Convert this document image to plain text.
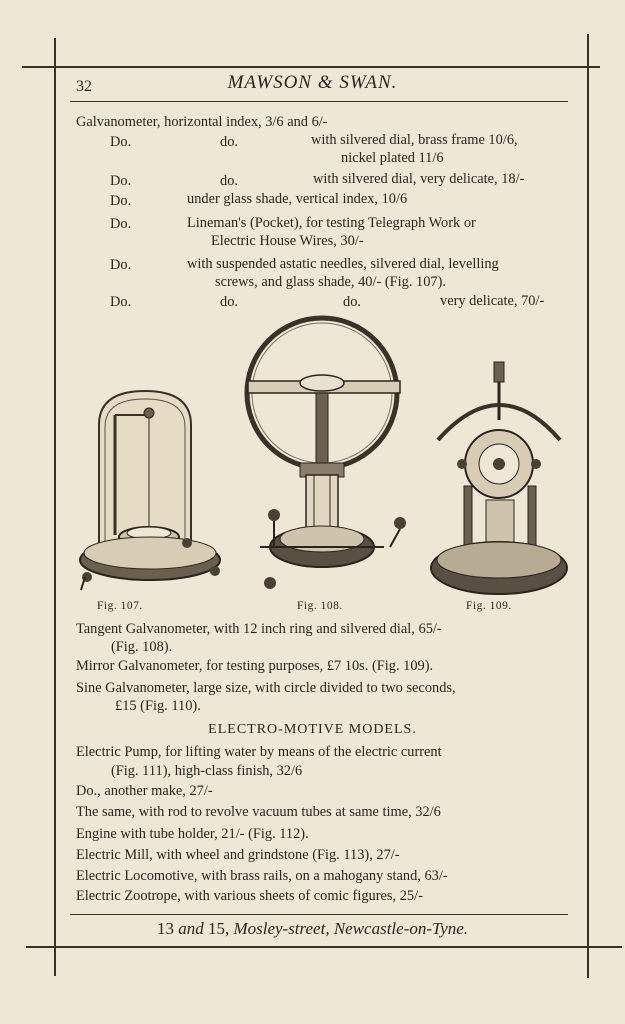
32	MAWSON & SWAN.
Galvanometer, horizontal index, 3/6 and 6/-
Do.	do.	with silvered dial, brass frame 10/6,
nickel plated 11/6
Do.	do.	with silvered dial, very delicate, 18/-
Do.	under glass shade, vertical index, 10/6
Do.	Lineman's (Pocket), for testing Telegraph Work or
Electric House Wires, 30/-
Do.	with suspended astatic needles, silvered dial, levelling
screws, and glass shade, 40/- (Fig. 107).
Do.	do.	do.	very delicate, 70/-
Fig. 107.	Fig. 108.	Fig. 109.
Tangent Galvanometer, with 12 inch ring and silvered dial, 65/-
(Fig. 108).
Mirror Galvanometer, for testing purposes, £7 10s. (Fig. 109).
Sine Galvanometer, large size, with circle divided to two seconds,
£15 (Fig. 110).
ELECTRO-MOTIVE MODELS.
Electric Pump, for lifting water by means of the electric current
(Fig. 111), high-class finish, 32/6
Do., another make, 27/-
The same, with rod to revolve vacuum tubes at same time, 32/6
Engine with tube holder, 21/- (Fig. 112).
Electric Mill, with wheel and grindstone (Fig. 113), 27/-
Electric Locomotive, with brass rails, on a mahogany stand, 63/-
Electric Zootrope, with various sheets of comic figures, 25/-
13 and 15, Mosley-street, Newcastle-on-Tyne.
